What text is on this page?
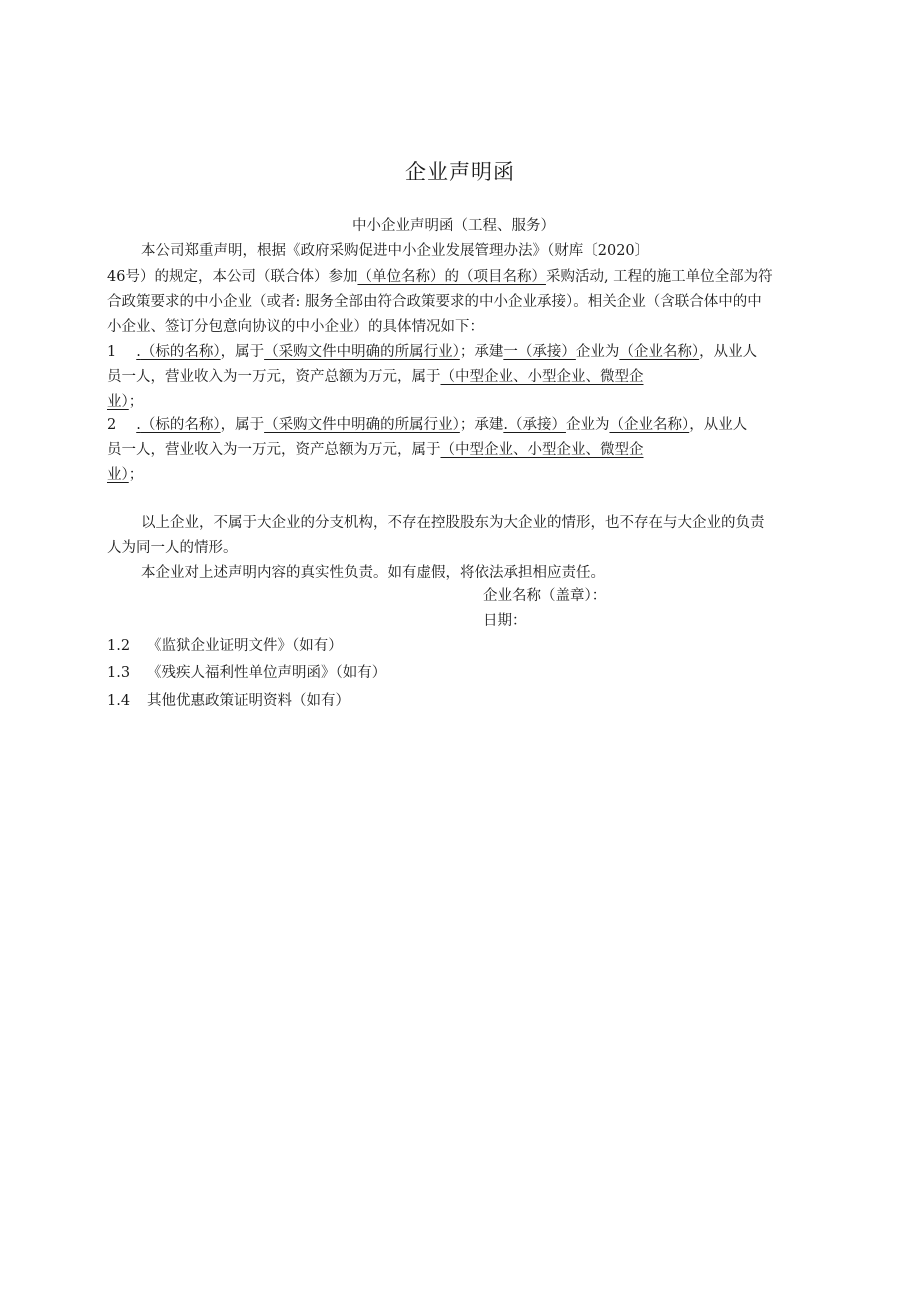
企业声明函
中小企业声明函（工程、服务）
本公司郑重声明，根据《政府采购促进中小企业发展管理办法》（财库〔2020〕
46号）的规定，本公司（联合体）参加（单位名称）的（项目名称）采购活动, 工程的施工单位全部为符
合政策要求的中小企业（或者: 服务全部由符合政策要求的中小企业承接）。相关企业（含联合体中的中
小企业、签订分包意向协议的中小企业）的具体情况如下：
1 .（标的名称），属于（采购文件中明确的所属行业）；承建一（承接）企业为（企业名称），从业人
员一人，营业收入为一万元，资产总额为万元，属于（中型企业、小型企业、微型企
业）；
2 .（标的名称），属于（采购文件中明确的所属行业）；承建.（承接）企业为（企业名称），从业人
员一人，营业收入为一万元，资产总额为万元，属于（中型企业、小型企业、微型企
业）；
以上企业，不属于大企业的分支机构，不存在控股股东为大企业的情形，也不存在与大企业的负责
人为同一人的情形。
本企业对上述声明内容的真实性负责。如有虚假，将依法承担相应责任。
企业名称（盖章）：
日期：
1.2 《监狱企业证明文件》（如有）
1.3 《残疾人福利性单位声明函》（如有）
1.4 其他优惠政策证明资料（如有）
